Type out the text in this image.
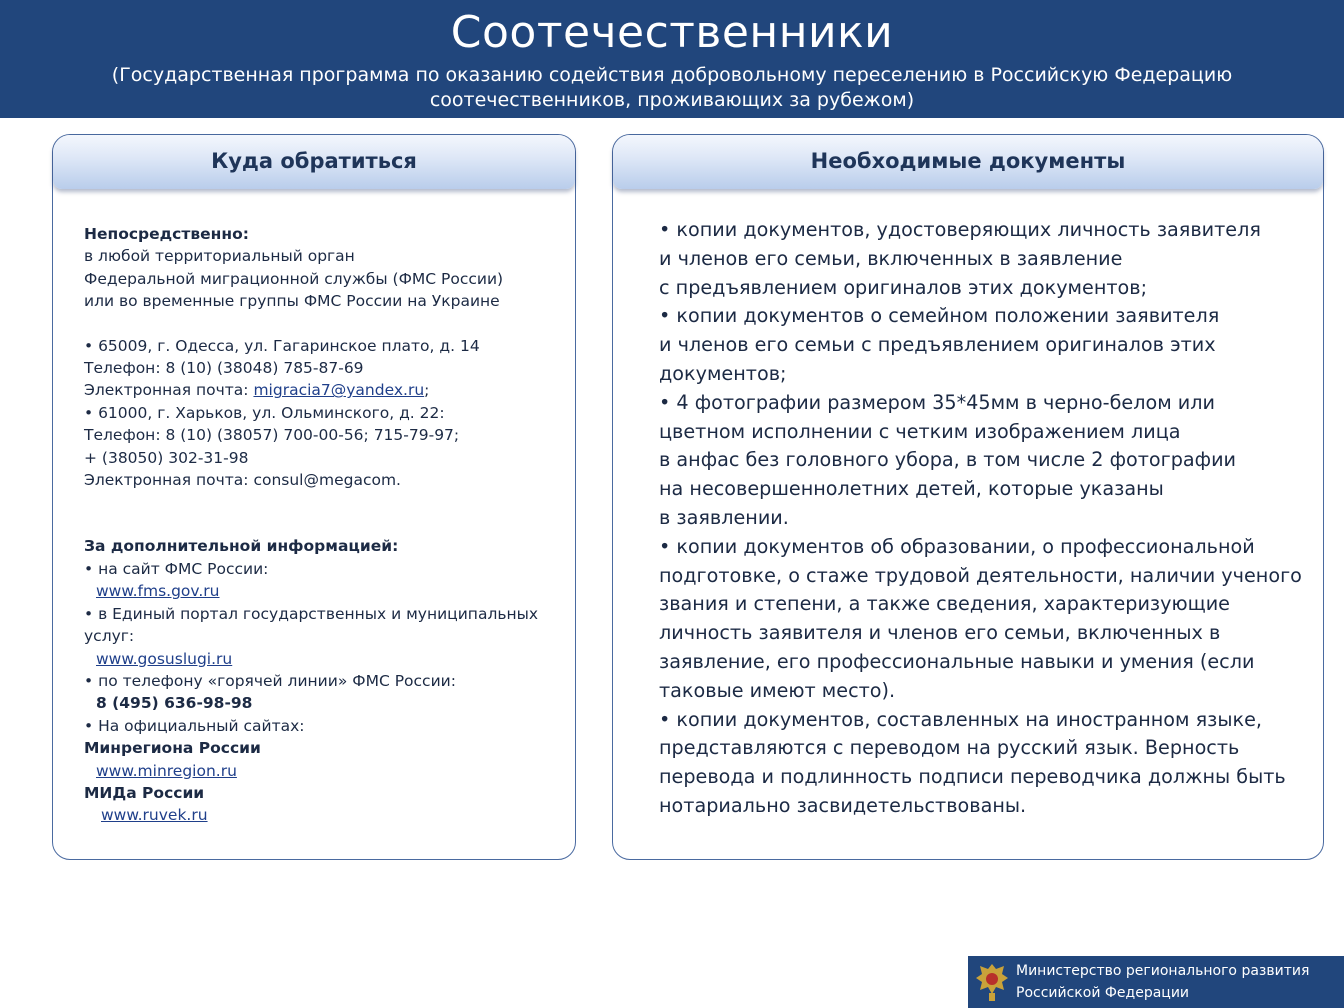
Соотечественники
(Государственная программа по оказанию содействия добровольному переселению в Российскую Федерацию
соотечественников, проживающих за рубежом)
Куда обратиться
Непосредственно:
в любой территориальный орган
Федеральной миграционной службы (ФМС России)
или во временные группы ФМС России на Украине
• 65009, г. Одесса, ул. Гагаринское плато, д. 14
Телефон: 8 (10) (38048) 785-87-69
Электронная почта: migracia7@yandex.ru;
• 61000, г. Харьков, ул. Ольминского, д. 22:
Телефон: 8 (10) (38057) 700-00-56; 715-79-97;
+ (38050) 302-31-98
Электронная почта: consul@megacom.
За дополнительной информацией:
• на сайт ФМС России:
www.fms.gov.ru
• в Единый портал государственных и муниципальных
услуг:
www.gosuslugi.ru
• по телефону «горячей линии» ФМС России:
8 (495) 636-98-98
• На официальный сайтах:
Минрегиона России
www.minregion.ru
МИДа России
www.ruvek.ru
Необходимые документы
• копии документов, удостоверяющих личность заявителя
и членов его семьи, включенных в заявление
с предъявлением оригиналов этих документов;
• копии документов о семейном положении заявителя
и членов его семьи с предъявлением оригиналов этих
документов;
• 4 фотографии размером 35*45мм в черно-белом или
цветном исполнении с четким изображением лица
в анфас без головного убора, в том числе 2 фотографии
на несовершеннолетних детей, которые указаны
в заявлении.
• копии документов об образовании, о профессиональной
подготовке, о стаже трудовой деятельности, наличии ученого
звания и степени, а также сведения, характеризующие
личность заявителя и членов его семьи, включенных в
заявление, его профессиональные навыки и умения (если
таковые имеют место).
• копии документов, составленных на иностранном языке,
представляются с переводом на русский язык. Верность
перевода и подлинность подписи переводчика должны быть
нотариально засвидетельствованы.
Министерство регионального развития
Российской Федерации
